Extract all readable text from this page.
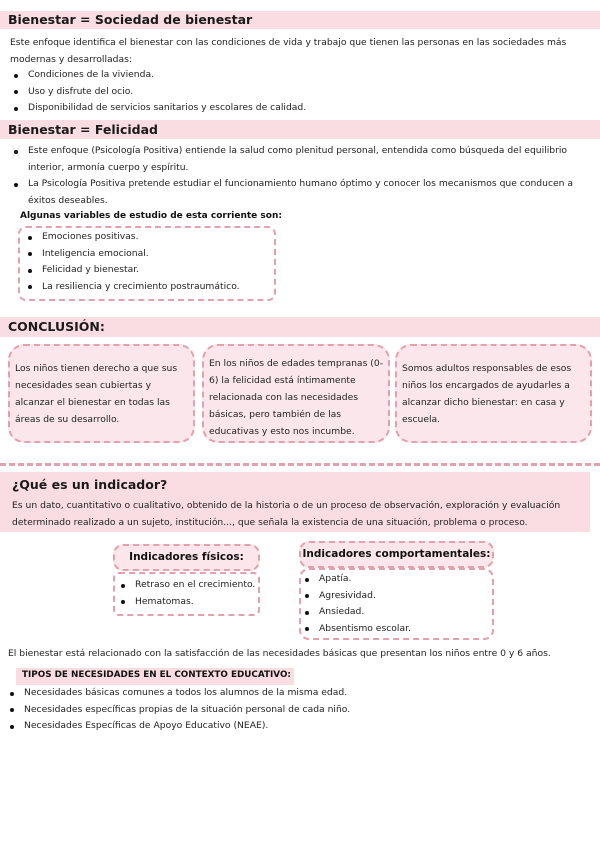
Bienestar = Sociedad de bienestar
Este enfoque identifica el bienestar con las condiciones de vida y trabajo que tienen las personas en las sociedades más modernas y desarrolladas:
Condiciones de la vivienda.
Uso y disfrute del ocio.
Disponibilidad de servicios sanitarios y escolares de calidad.
Bienestar = Felicidad
Este enfoque (Psicología Positiva) entiende la salud como plenitud personal, entendida como búsqueda del equilibrio interior, armonía cuerpo y espíritu.
La Psicología Positiva pretende estudiar el funcionamiento humano óptimo y conocer los mecanismos que conducen a éxitos deseables.
Algunas variables de estudio de esta corriente son:
Emociones positivas.
Inteligencia emocional.
Felicidad y bienestar.
La resiliencia y crecimiento postraumático.
CONCLUSIÓN:
Los niños tienen derecho a que sus necesidades sean cubiertas y alcanzar el bienestar en todas las áreas de su desarrollo.
En los niños de edades tempranas (0-6) la felicidad está íntimamente relacionada con las necesidades básicas, pero también de las educativas y esto nos incumbe.
Somos adultos responsables de esos niños los encargados de ayudarles a alcanzar dicho bienestar: en casa y escuela.
¿Qué es un indicador?
Es un dato, cuantitativo o cualitativo, obtenido de la historia o de un proceso de observación, exploración y evaluación determinado realizado a un sujeto, institución..., que señala la existencia de una situación, problema o proceso.
Indicadores físicos:
Retraso en el crecimiento.
Hematomas.
Indicadores comportamentales:
Apatía.
Agresividad.
Ansiedad.
Absentismo escolar.
El bienestar está relacionado con la satisfacción de las necesidades básicas que presentan los niños entre 0 y 6 años.
TIPOS DE NECESIDADES EN EL CONTEXTO EDUCATIVO:
Necesidades básicas comunes a todos los alumnos de la misma edad.
Necesidades específicas propias de la situación personal de cada niño.
Necesidades Específicas de Apoyo Educativo (NEAE).
